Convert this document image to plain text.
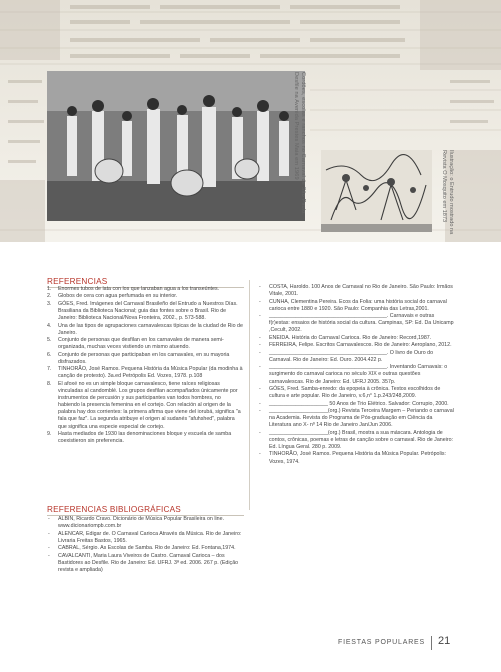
Cordões, escolas e ranchos no Carnaval de São Paulo. Desfile na Avenida Prestes Maia em 1969
Ilustração: o Entrudo mostrado na Revista O Mosquito em 1873
REFERENCIAS
1.	Enormes tubos de lata con los que lanzaban agua a los transeúntes.
2.	Globos de cera con agua perfumada en su interior.
3.	GÓES, Fred. Imágenes del Carnaval Brasileño del Entrudo a Nuestros Días. Brasiliana da Biblioteca Nacional; guia das fontes sobre o Brasil. Rio de Janeiro: Biblioteca Nacional/Nova Fronteira, 2002., p. 573-588.
4.	Una de las tipos de agrupaciones carnavalescas típicas de la ciudad de Rio de Janeiro.
5.	Conjunto de personas que desfilan en los carnavales de manera semi-organizada, muchas veces vistiendo un mismo atuendo.
6.	Conjunto de personas que participaban en los carnavales, en su mayoria disfrazados.
7.	TINHORÃO, José Ramos. Pequena História da Música Popular (da modinha à canção de protesto). 3a.ed Petrópolis Ed. Vozes, 1978. p.108
8.	El afoxé no es un simple bloque carnavalesco, tiene raíces religiosas vinculadas al candomblé. Los grupos desfilan acompañados únicamente por instrumentos de percusión y sus participantes van todos hombres, no habiendo la presencia femenina en el cortejo. Con relación al origen de la palabra hay dos corrientes: la primera afirma que viene del iorubá, significa "a fala que faz". La segunda atribuye el origen al sudanés "afuhshed", palabra que significa una especie especial de cortejo.
9.	Hasta mediados de 1930 las denominaciones bloque y escuela de samba coexistieron sin preferencia.
REFERENCIAS BIBLIOGRÁFICAS
- ALBIN, Ricardo Cravo. Dicionário de Música Popular Brasileira on line. www.dicionariompb.com.br
- ALENCAR, Edigar de. O Carnaval Carioca Através da Música. Rio de Janeiro: Livraria Freitas Bastos, 1965.
- CABRAL, Sérgio. As Escolas de Samba. Rio de Janeiro: Ed. Fontana,1974.
- CAVALCANTI, Maria Laura Viveiros de Castro. Carnaval Carioca – dos Bastidores ao Desfile. Rio de Janeiro: Ed. UFRJ. 3ª ed. 2006. 267 p. (Edição revista e ampliada)
- COSTA, Haroldo. 100 Anos de Carnaval no Rio de Janeiro. São Paulo: Irmãos Vitale, 2001.
- CUNHA, Clementina Pereira. Ecos da Folia: uma história social do carnaval carioca entre 1880 e 1920. São Paulo: Companhia das Letras,2001.
- ________________________________________. Carnavais e outras f(r)estas: ensaios de história social da cultura. Campinas, SP: Ed. Da Unicamp ,Cecult, 2002.
- ENEIDA. História do Carnaval Carioca. Rio de Janeiro: Record,1987.
- FERREIRA, Felipe. Escritos Carnavalescos. Rio de Janeiro: Aeroplano, 2012.
- ________________________________________. O livro de Ouro do Carnaval. Rio de Janeiro: Ed. Ouro. 2004.422 p.
- ________________________________________. Inventando Carnavais: o surgimento do carnaval carioca no século XIX e outras questões carnavalescas. Rio de Janeiro: Ed. UFRJ 2005. 357p.
- GÓES, Fred. Samba-enredo: da epopeia à crônica. Textos escolhidos de cultura e arte popular. Rio de Janeiro, v.6,n° 1.p.243/248,2009.
- ____________________ 50 Anos de Trio Elétrico. Salvador: Corrupio, 2000.
- ____________________(org.) Revista Terceira Margem – Periando o carnaval na Academia. Revista do Programa de Pós-graduação em Ciência da Literatura ano X- nº 14 Rio de Janeiro Jan/Jun 2006.
- ____________________(org.) Brasil, mostra a sua máscara. Antologia de contos, crônicas, poemas e letras de canção sobre o carnaval. Rio de Janeiro: Ed. Língua Geral. 280 p. 2009.
- TINHORÃO, José Ramos. Pequena História da Música Popular. Petrópolis: Vozes, 1974.
FIESTAS POPULARES 21
